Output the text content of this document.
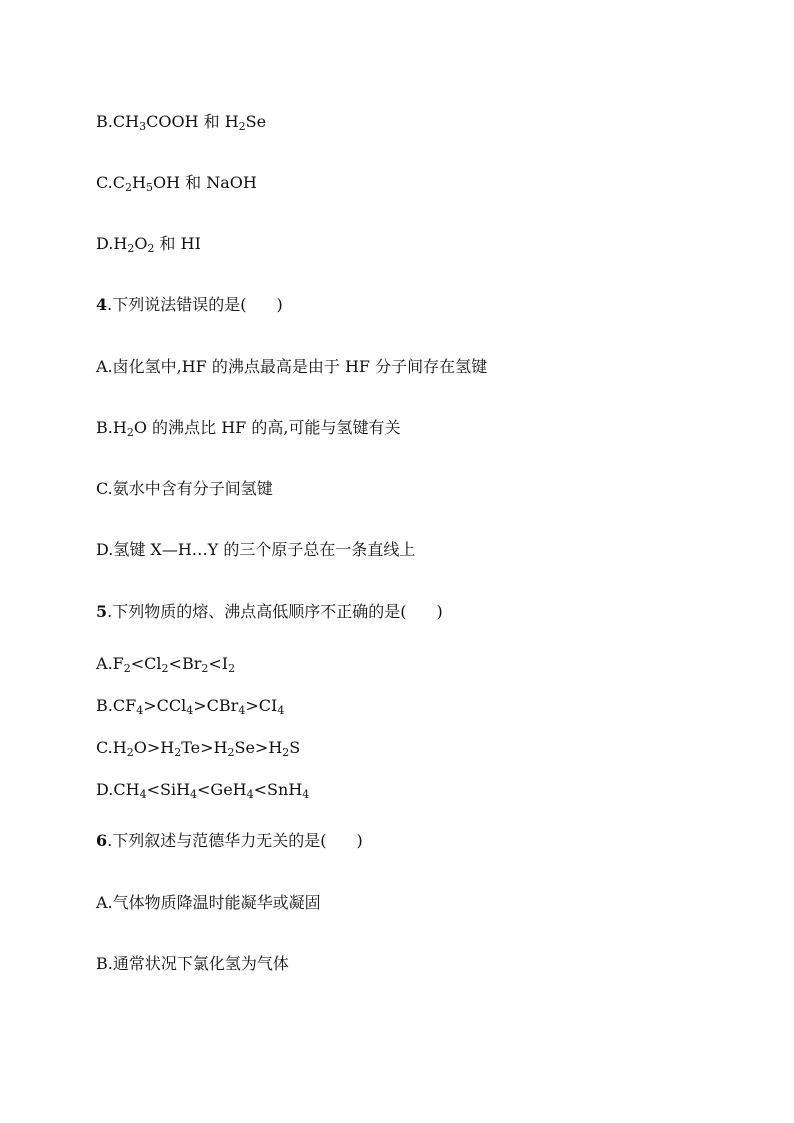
$B.CH_3COOH$ 和 $H_2Se$
$C.C_2H_5OH$ 和 NaOH
$D.H_2O_2$ 和 HI
4.下列说法错误的是( )
A.卤化氢中,HF 的沸点最高是由于 HF 分子间存在氢键
$B.H_2O$ 的沸点比 HF 的高,可能与氢键有关
C.氨水中含有分子间氢键
D.氢键 X—H…Y 的三个原子总在一条直线上
5.下列物质的熔、沸点高低顺序不正确的是( )
$A.F_2<Cl_2<Br_2<I_2$
$B.CF_4>CCl_4>CBr_4>CI_4$
$C.H_2O>H_2Te>H_2Se>H_2S$
$D.CH_4<SiH_4<GeH_4<SnH_4$
6.下列叙述与范德华力无关的是( )
A.气体物质降温时能凝华或凝固
B.通常状况下氯化氢为气体
